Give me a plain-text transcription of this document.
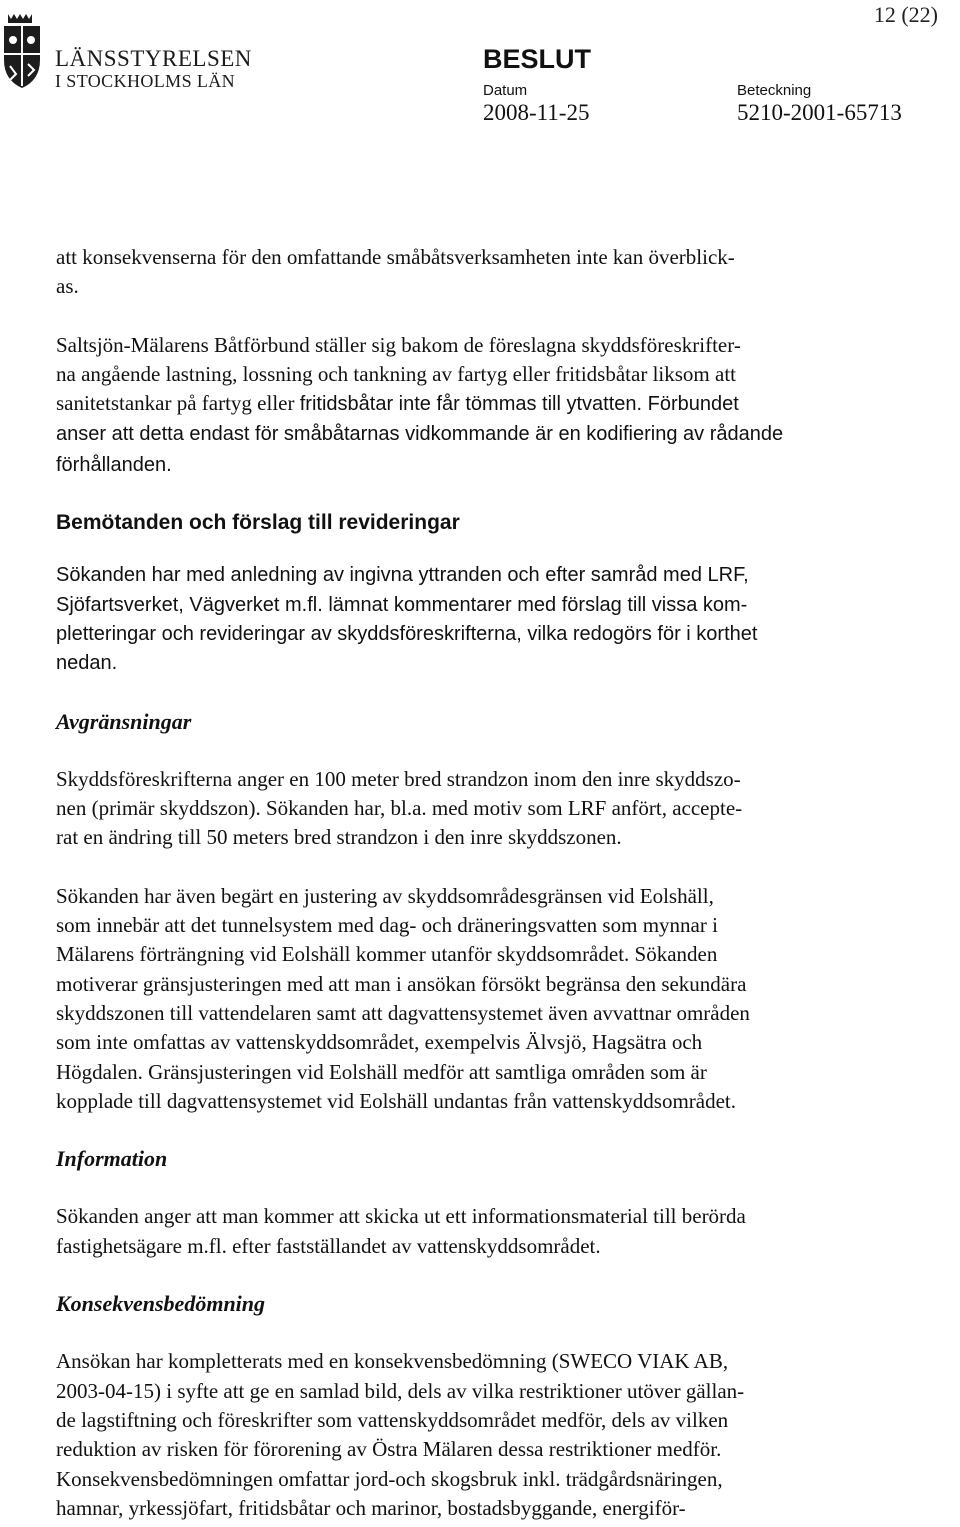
12 (22)
LÄNSSTYRELSEN
I STOCKHOLMS LÄN
BESLUT
Datum	Beteckning
2008-11-25	5210-2001-65713

att konsekvenserna för den omfattande småbåtsverksamheten inte kan överblick-
as.

Saltsjön-Mälarens Båtförbund ställer sig bakom de föreslagna skyddsföreskrifter-
na angående lastning, lossning och tankning av fartyg eller fritidsbåtar liksom att
sanitetstankar på fartyg eller fritidsbåtar inte får tömmas till ytvatten. Förbundet
anser att detta endast för småbåtarnas vidkommande är en kodifiering av rådande
förhållanden.

Bemötanden och förslag till revideringar

Sökanden har med anledning av ingivna yttranden och efter samråd med LRF,
Sjöfartsverket, Vägverket m.fl. lämnat kommentarer med förslag till vissa kom-
pletteringar och revideringar av skyddsföreskrifterna, vilka redogörs för i korthet
nedan.

Avgränsningar

Skyddsföreskrifterna anger en 100 meter bred strandzon inom den inre skyddszo-
nen (primär skyddszon). Sökanden har, bl.a. med motiv som LRF anfört, accepte-
rat en ändring till 50 meters bred strandzon i den inre skyddszonen.

Sökanden har även begärt en justering av skyddsområdesgränsen vid Eolshäll,
som innebär att det tunnelsystem med dag- och dräneringsvatten som mynnar i
Mälarens förträngning vid Eolshäll kommer utanför skyddsområdet. Sökanden
motiverar gränsjusteringen med att man i ansökan försökt begränsa den sekundära
skyddszonen till vattendelaren samt att dagvattensystemet även avvattnar områden
som inte omfattas av vattenskyddsområdet, exempelvis Älvsjö, Hagsätra och
Högdalen. Gränsjusteringen vid Eolshäll medför att samtliga områden som är
kopplade till dagvattensystemet vid Eolshäll undantas från vattenskyddsområdet.

Information

Sökanden anger att man kommer att skicka ut ett informationsmaterial till berörda
fastighetsägare m.fl. efter fastställandet av vattenskyddsområdet.

Konsekvensbedömning

Ansökan har kompletterats med en konsekvensbedömning (SWECO VIAK AB,
2003-04-15) i syfte att ge en samlad bild, dels av vilka restriktioner utöver gällan-
de lagstiftning och föreskrifter som vattenskyddsområdet medför, dels av vilken
reduktion av risken för förorening av Östra Mälaren dessa restriktioner medför.
Konsekvensbedömningen omfattar jord-och skogsbruk inkl. trädgårdsnäringen,
hamnar, yrkessjöfart, fritidsbåtar och marinor, bostadsbyggande, energiför-
